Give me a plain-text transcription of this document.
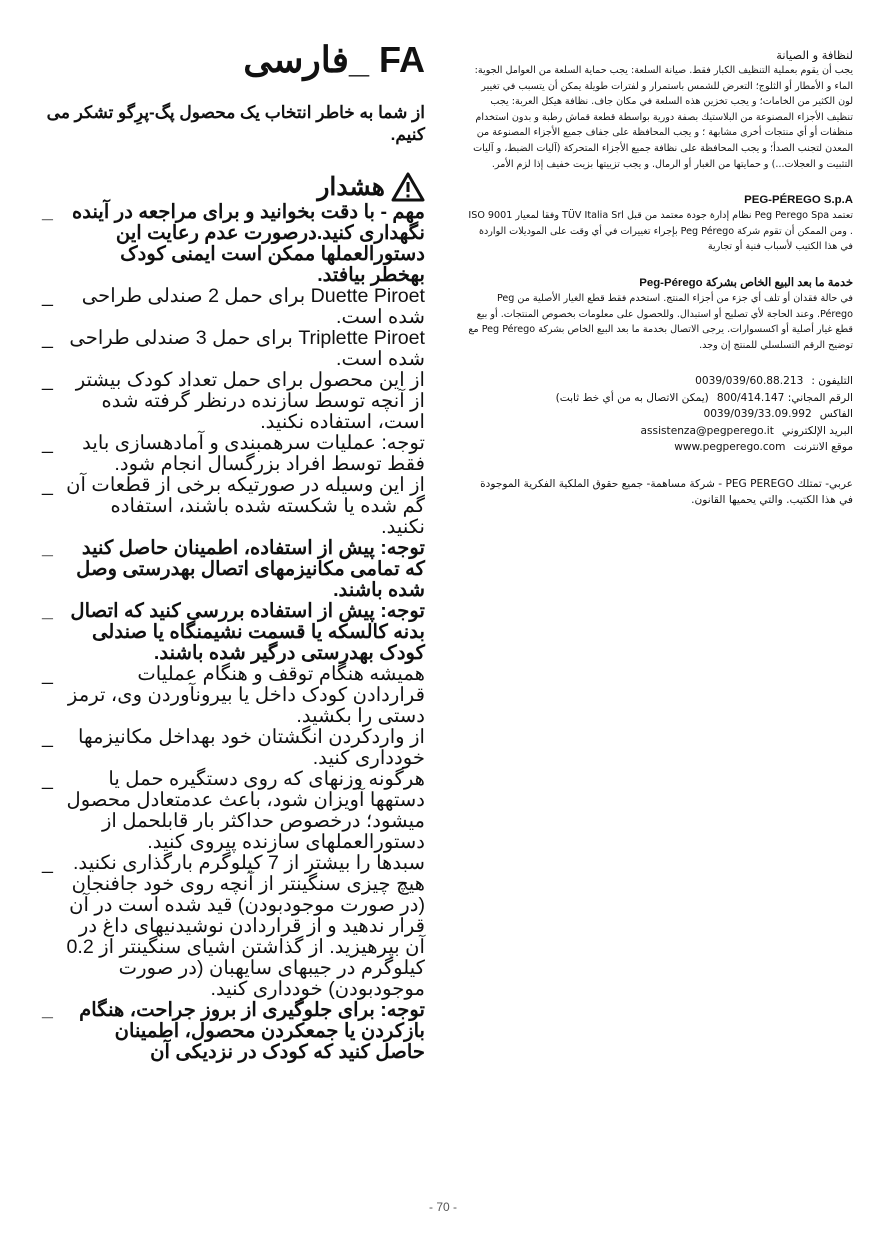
FA _فارسی
از شما به خاطر انتخاب یک محصول پگ-پرِگو تشکر می کنیم.
هشدار
مهم - با دقت بخوانید و برای مراجعه در آینده نگهداری کنید.درصورت عدم رعایت این دستورالعملها ممکن است ایمنی کودک بهخطر بیافتد. _
Duette Piroet برای حمل 2 صندلی طراحی شده است. _
Triplette Piroet برای حمل 3 صندلی طراحی شده است. _
از این محصول برای حمل تعداد کودک بیشتر از آنچه توسط سازنده درنظر گرفته شده است، استفاده نکنید. _
توجه: عملیات سرهمبندی و آمادهسازی باید فقط توسط افراد بزرگسال انجام شود. _
از این وسیله در صورتیکه برخی از قطعات آن گم شده یا شکسته شده باشند، استفاده نکنید. _
توجه: پیش از استفاده، اطمینان حاصل کنید که تمامی مکانیزمهای اتصال بهدرستی وصل شده باشند. _
توجه: پیش از استفاده بررسی کنید که اتصال بدنه کالسکه یا قسمت نشیمنگاه یا صندلی کودک بهدرستی درگیر شده باشند. _
همیشه هنگام توقف و هنگام عملیات قراردادن کودک داخل یا بیرونآوردن وی، ترمز دستی را بکشید. _
از واردکردن انگشتان خود بهداخل مکانیزمها خودداری کنید. _
هرگونه وزنهای که روی دستگیره حمل یا دستهها آویزان شود، باعث عدمتعادل محصول میشود؛ درخصوص حداکثر بار قابلحمل از دستورالعملهای سازنده پیروی کنید. _
سبدها را بیشتر از 7 کیلوگرم بارگذاری نکنید. هیچ چیزی سنگینتر از آنچه روی خود جافنجان (در صورت موجودبودن) قید شده است در آن قرار ندهید و از قراردادن نوشیدنیهای داغ در آن بپرهیزید. از گذاشتن اشیای سنگینتر از 0.2 کیلوگرم در جیبهای سایهبان (در صورت موجودبودن) خودداری کنید. _
توجه: برای جلوگیری از بروز جراحت، هنگام بازکردن یا جمعکردن محصول، اطمینان حاصل کنید که کودک در نزدیکی آن _
لنظافة و الصيانة
يجب أن يقوم بعملية التنظيف الكبار فقط. صيانة السلعة: يجب حماية السلعة من العوامل الجوية: الماء و الأمطار أو الثلوج؛ التعرض للشمس باستمرار و لفترات طويلة يمكن أن يتسبب في تغيير لون الكثير من الخامات؛ و يجب تخزين هذه السلعة في مكان جاف. نظافة هيكل العربة: يجب تنظيف الأجزاء المصنوعة من البلاستيك بصفة دورية بواسطة قطعة قماش رطبة و بدون استخدام منظفات أو أي منتجات أخرى مشابهة ؛ و يجب المحافظة على جفاف جميع الأجزاء المصنوعة من المعدن لتجنب الصدأ؛ و يجب المحافظة على نظافة جميع الأجزاء المتحركة (آليات الضبط، و آليات التثبيت و العجلات...) و حمايتها من الغبار أو الرمال. و يجب تزييتها بزيت خفيف إذا لزم الأمر.
PEG-PÉREGO S.p.A
تعتمد Peg Perego Spa نظام إدارة جودة معتمد من قبل TÜV Italia Srl وفقا لمعيار ISO 9001 . ومن الممكن أن تقوم شركة Peg Pérego بإجراء تغييرات في أي وقت على الموديلات الواردة في هذا الكتيب لأسباب فنية أو تجارية
خدمة ما بعد البيع الخاص بشركة Peg-Pérego
في حالة فقدان أو تلف أي جزء من أجزاء المنتج. استخدم فقط قطع الغيار الأصلية من Peg Pérego. وعند الحاجة لأي تصليح أو استبدال. وللحصول على معلومات بخصوص المنتجات. أو بيع قطع غيار أصلية أو اكسسوارات. يرجى الاتصال بخدمة ما بعد البيع الخاص بشركة Peg Pérego مع توضيح الرقم التسلسلي للمنتج إن وجد.
التليفون :
0039/039/60.88.213
الرقم المجاني: 800/414.147
(يمكن الاتصال به من أي خط ثابت)
الفاكس
0039/039/33.09.992
البريد الإلكتروني
assistenza@pegperego.it
موقع الانترنت
www.pegperego.com
عربي- تمتلك PEG PEREGO - شركة مساهمة- جميع حقوق الملكية الفكرية الموجودة في هذا الكتيب. والتي يحميها القانون.
- 70 -
